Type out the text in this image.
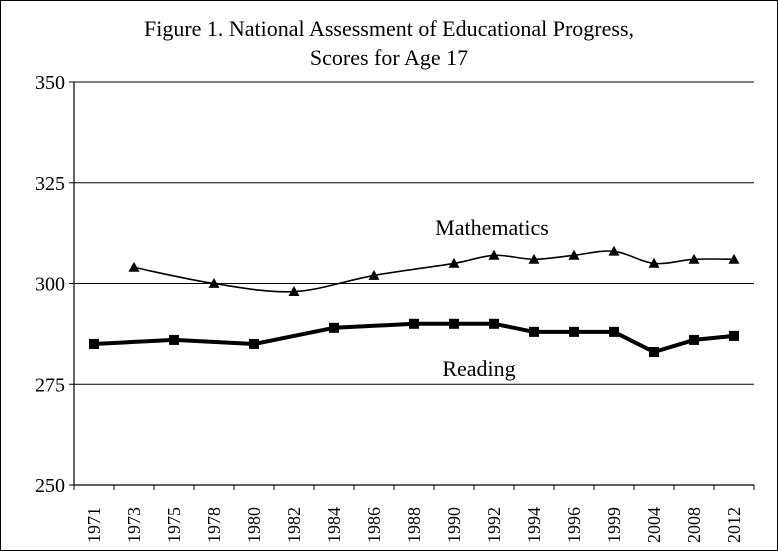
Figure 1. National Assessment of Educational Progress,
Scores for Age 17
250
275
300
325
350
1971 1973 1975 1978 1980 1982 1984 1986 1988 1990 1992 1994 1996 1999 2004 2008 2012
Mathematics
Reading
